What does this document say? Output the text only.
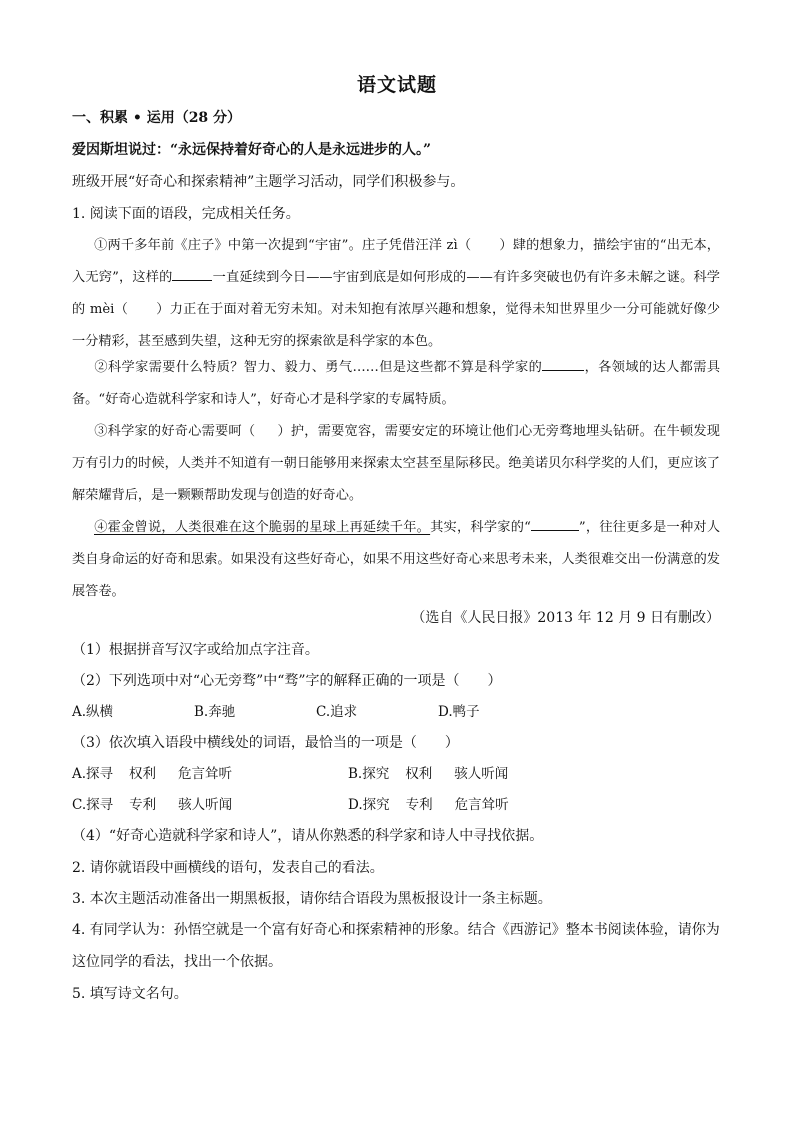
语文试题
一、积累 • 运用（28 分）
爱因斯坦说过：“永远保持着好奇心的人是永远进步的人。”
班级开展“好奇心和探索精神”主题学习活动，同学们积极参与。
1. 阅读下面的语段，完成相关任务。
①两千多年前《庄子》中第一次提到“宇宙”。庄子凭借汪洋 zì（ ）肆的想象力，描绘宇宙的“出无本，入无窍”，这样的	一直延续到今日——宇宙到底是如何形成的——有许多突破也仍有许多未解之谜。科学的 mèi（ ）力正在于面对着无穷未知。对未知抱有浓厚兴趣和想象，觉得未知世界里少一分可能就好像少一分精彩，甚至感到失望，这种无穷的探索欲是科学家的本色。
②科学家需要什么特质？智力、毅力、勇气……但是这些都不算是科学家的	，各领域的达人都需具备。“好奇心造就科学家和诗人”，好奇心才是科学家的专属特质。
③科学家的好奇心需要呵（ ）护，需要宽容，需要安定的环境让他们心无旁骛地埋头钻研。在牛顿发现万有引力的时候，人类并不知道有一朝日能够用来探索太空甚至星际移民。绝美诺贝尔科学奖的人们，更应该了解荣耀背后，是一颗颗帮助发现与创造的好奇心。
④霍金曾说，人类很难在这个脆弱的星球上再延续千年。其实，科学家的“	”，往往更多是一种对人类自身命运的好奇和思索。如果没有这些好奇心，如果不用这些好奇心来思考未来，人类很难交出一份满意的发展答卷。
（选自《人民日报》2013 年 12 月 9 日有删改）
（1）根据拼音写汉字或给加点字注音。
（2）下列选项中对“心无旁骛”中“骛”字的解释正确的一项是（　　）
A.纵横	B.奔驰	C.追求	D.鸭子
（3）依次填入语段中横线处的词语，最恰当的一项是（　　）
A.探寻 权利 危言耸听	B.探究 权利 骇人听闻
C.探寻 专利 骇人听闻	D.探究 专利 危言耸听
（4）“好奇心造就科学家和诗人”，请从你熟悉的科学家和诗人中寻找依据。
2. 请你就语段中画横线的语句，发表自己的看法。
3. 本次主题活动准备出一期黑板报，请你结合语段为黑板报设计一条主标题。
4. 有同学认为：孙悟空就是一个富有好奇心和探索精神的形象。结合《西游记》整本书阅读体验，请你为
这位同学的看法，找出一个依据。
5. 填写诗文名句。
